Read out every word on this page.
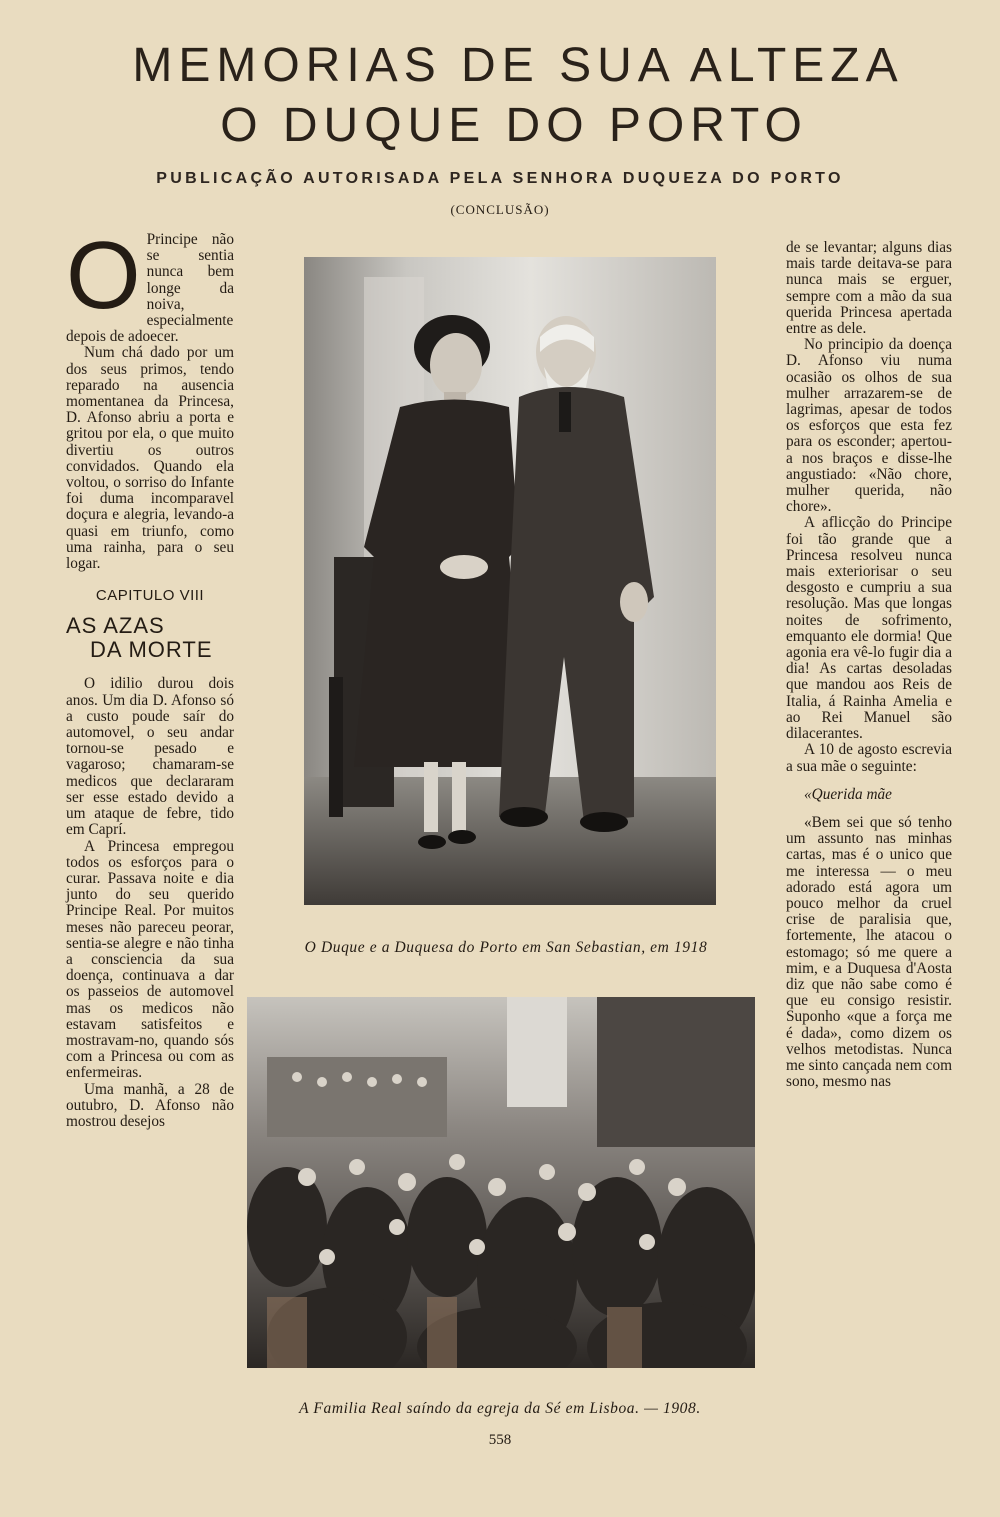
MEMORIAS DE SUA ALTEZA
O DUQUE DO PORTO
PUBLICAÇÃO AUTORISADA PELA SENHORA DUQUEZA DO PORTO
(CONCLUSÃO)

O Principe não se sentia nunca bem longe da noiva, especialmente depois de adoecer.

Num chá dado por um dos seus primos, tendo reparado na ausencia momentanea da Princesa, D. Afonso abriu a porta e gritou por ela, o que muito divertiu os outros convidados. Quando ela voltou, o sorriso do Infante foi duma incomparavel doçura e alegria, levando-a quasi em triunfo, como uma rainha, para o seu logar.

CAPITULO VIII
AS AZAS
DA MORTE

O idilio durou dois anos. Um dia D. Afonso só a custo poude saír do automovel, o seu andar tornou-se pesado e vagaroso; chamaram-se medicos que declararam ser esse estado devido a um ataque de febre, tido em Caprí.

A Princesa empregou todos os esforços para o curar. Passava noite e dia junto do seu querido Principe Real. Por muitos meses não pareceu peorar, sentia-se alegre e não tinha a consciencia da sua doença, continuava a dar os passeios de automovel mas os medicos não estavam satisfeitos e mostravam-no, quando sós com a Princesa ou com as enfermeiras.

Uma manhã, a 28 de outubro, D. Afonso não mostrou desejos

O Duque e a Duquesa do Porto em San Sebastian, em 1918
A Familia Real saíndo da egreja da Sé em Lisboa. — 1908.

de se levantar; alguns dias mais tarde deitava-se para nunca mais se erguer, sempre com a mão da sua querida Princesa apertada entre as dele.

No principio da doença D. Afonso viu numa ocasião os olhos de sua mulher arrazarem-se de lagrimas, apesar de todos os esforços que esta fez para os esconder; apertou-a nos braços e disse-lhe angustiado: «Não chore, mulher querida, não chore».

A aflicção do Principe foi tão grande que a Princesa resolveu nunca mais exteriorisar o seu desgosto e cumpriu a sua resolução. Mas que longas noites de sofrimento, emquanto ele dormia! Que agonia era vê-lo fugir dia a dia! As cartas desoladas que mandou aos Reis de Italia, á Rainha Amelia e ao Rei Manuel são dilacerantes.

A 10 de agosto escrevia a sua mãe o seguinte:

«Querida mãe

«Bem sei que só tenho um assunto nas minhas cartas, mas é o unico que me interessa — o meu adorado está agora um pouco melhor da cruel crise de paralisia que, fortemente, lhe atacou o estomago; só me quere a mim, e a Duquesa d'Aosta diz que não sabe como é que eu consigo resistir. Suponho «que a força me é dada», como dizem os velhos metodistas. Nunca me sinto cançada nem com sono, mesmo nas

558
